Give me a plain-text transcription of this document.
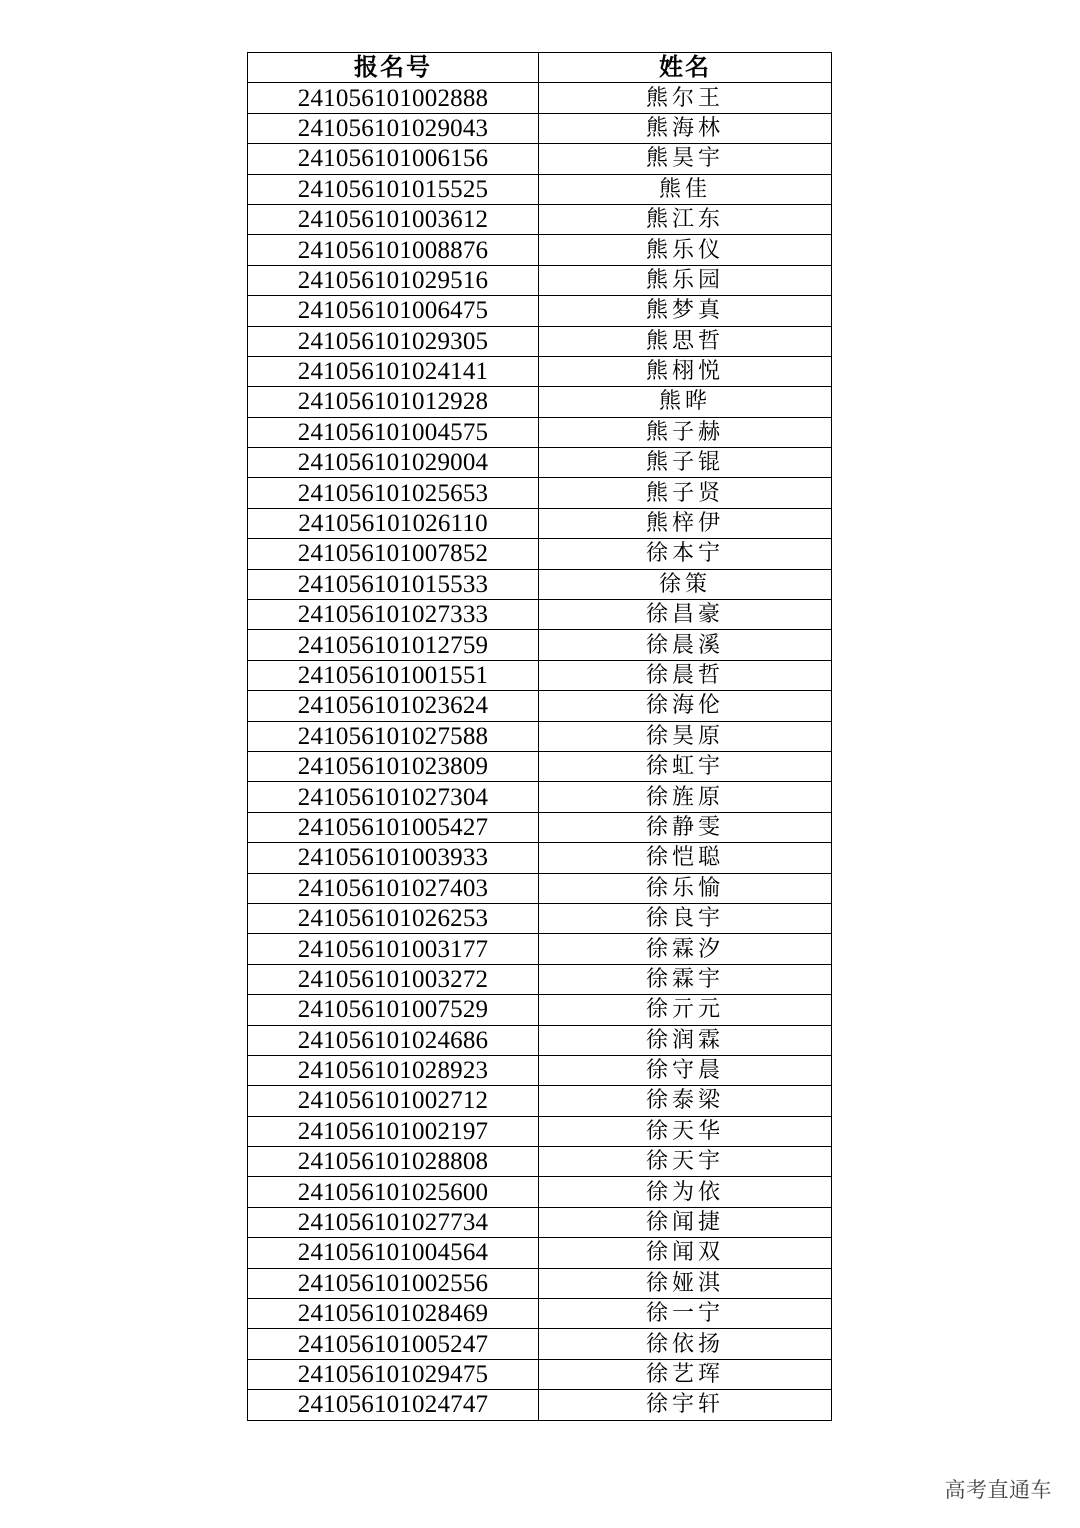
报名号	姓名
241056101002888	熊尔王
241056101029043	熊海林
241056101006156	熊昊宇
241056101015525	熊佳
241056101003612	熊江东
241056101008876	熊乐仪
241056101029516	熊乐园
241056101006475	熊梦真
241056101029305	熊思哲
241056101024141	熊栩悦
241056101012928	熊晔
241056101004575	熊子赫
241056101029004	熊子锟
241056101025653	熊子贤
241056101026110	熊梓伊
241056101007852	徐本宁
241056101015533	徐策
241056101027333	徐昌豪
241056101012759	徐晨溪
241056101001551	徐晨哲
241056101023624	徐海伦
241056101027588	徐昊原
241056101023809	徐虹宇
241056101027304	徐旌原
241056101005427	徐静雯
241056101003933	徐恺聪
241056101027403	徐乐愉
241056101026253	徐良宇
241056101003177	徐霖汐
241056101003272	徐霖宇
241056101007529	徐亓元
241056101024686	徐润霖
241056101028923	徐守晨
241056101002712	徐泰梁
241056101002197	徐天华
241056101028808	徐天宇
241056101025600	徐为依
241056101027734	徐闻捷
241056101004564	徐闻双
241056101002556	徐娅淇
241056101028469	徐一宁
241056101005247	徐依扬
241056101029475	徐艺珲
241056101024747	徐宇轩
高考直通车
